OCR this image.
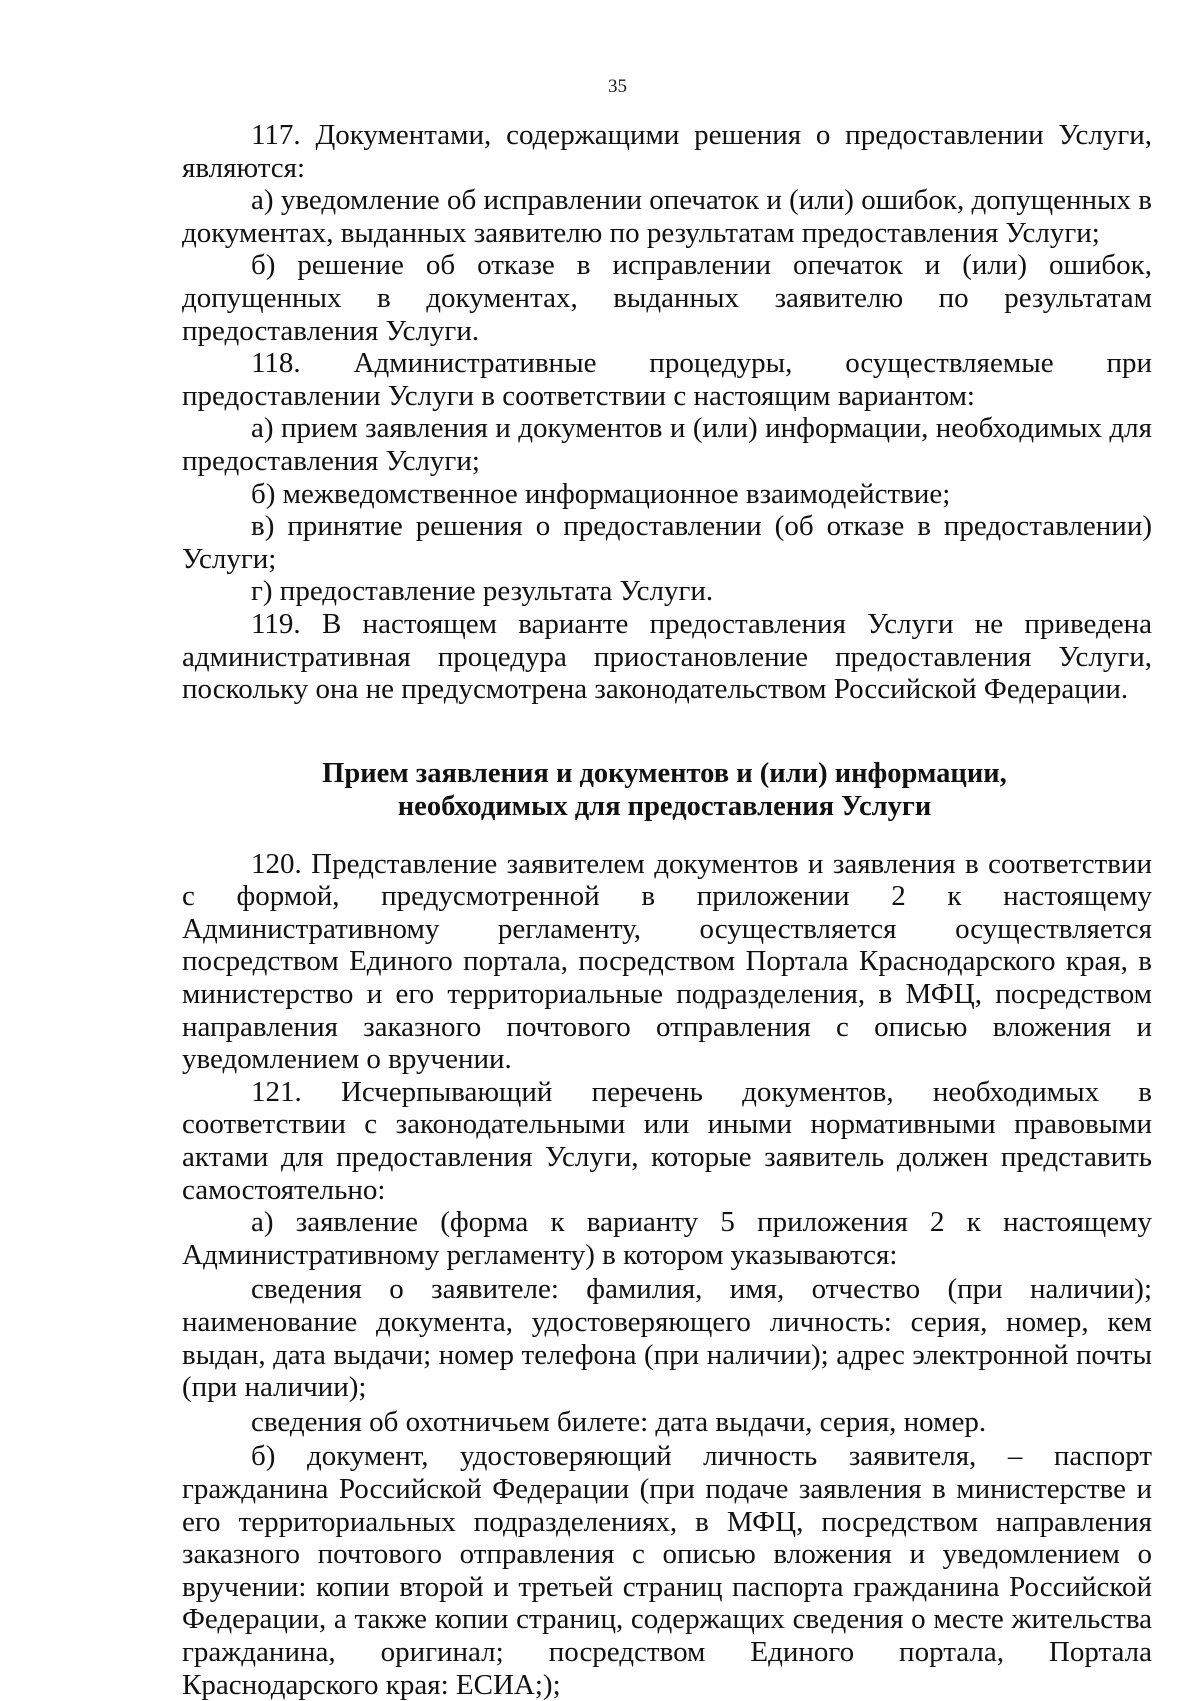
35

117. Документами, содержащими решения о предоставлении Услуги, являются:

а) уведомление об исправлении опечаток и (или) ошибок, допущенных в документах, выданных заявителю по результатам предоставления Услуги;

б) решение об отказе в исправлении опечаток и (или) ошибок, допущенных в документах, выданных заявителю по результатам предоставления Услуги.

118. Административные процедуры, осуществляемые при предоставлении Услуги в соответствии с настоящим вариантом:

а) прием заявления и документов и (или) информации, необходимых для предоставления Услуги;

б) межведомственное информационное взаимодействие;

в) принятие решения о предоставлении (об отказе в предоставлении) Услуги;

г) предоставление результата Услуги.

119. В настоящем варианте предоставления Услуги не приведена административная процедура приостановление предоставления Услуги, поскольку она не предусмотрена законодательством Российской Федерации.

Прием заявления и документов и (или) информации,
необходимых для предоставления Услуги

120. Представление заявителем документов и заявления в соответствии с формой, предусмотренной в приложении 2 к настоящему Административному регламенту, осуществляется осуществляется посредством Единого портала, посредством Портала Краснодарского края, в министерство и его территориальные подразделения, в МФЦ, посредством направления заказного почтового отправления с описью вложения и уведомлением о вручении.

121. Исчерпывающий перечень документов, необходимых в соответствии с законодательными или иными нормативными правовыми актами для предоставления Услуги, которые заявитель должен представить самостоятельно:

а) заявление (форма к варианту 5 приложения 2 к настоящему Административному регламенту) в котором указываются:

сведения о заявителе: фамилия, имя, отчество (при наличии); наименование документа, удостоверяющего личность: серия, номер, кем выдан, дата выдачи; номер телефона (при наличии); адрес электронной почты (при наличии);

сведения об охотничьем билете: дата выдачи, серия, номер.

б) документ, удостоверяющий личность заявителя, – паспорт гражданина Российской Федерации (при подаче заявления в министерстве и его территориальных подразделениях, в МФЦ, посредством направления заказного почтового отправления с описью вложения и уведомлением о вручении: копии второй и третьей страниц паспорта гражданина Российской Федерации, а также копии страниц, содержащих сведения о месте жительства гражданина, оригинал; посредством Единого портала, Портала Краснодарского края: ЕСИА;);
